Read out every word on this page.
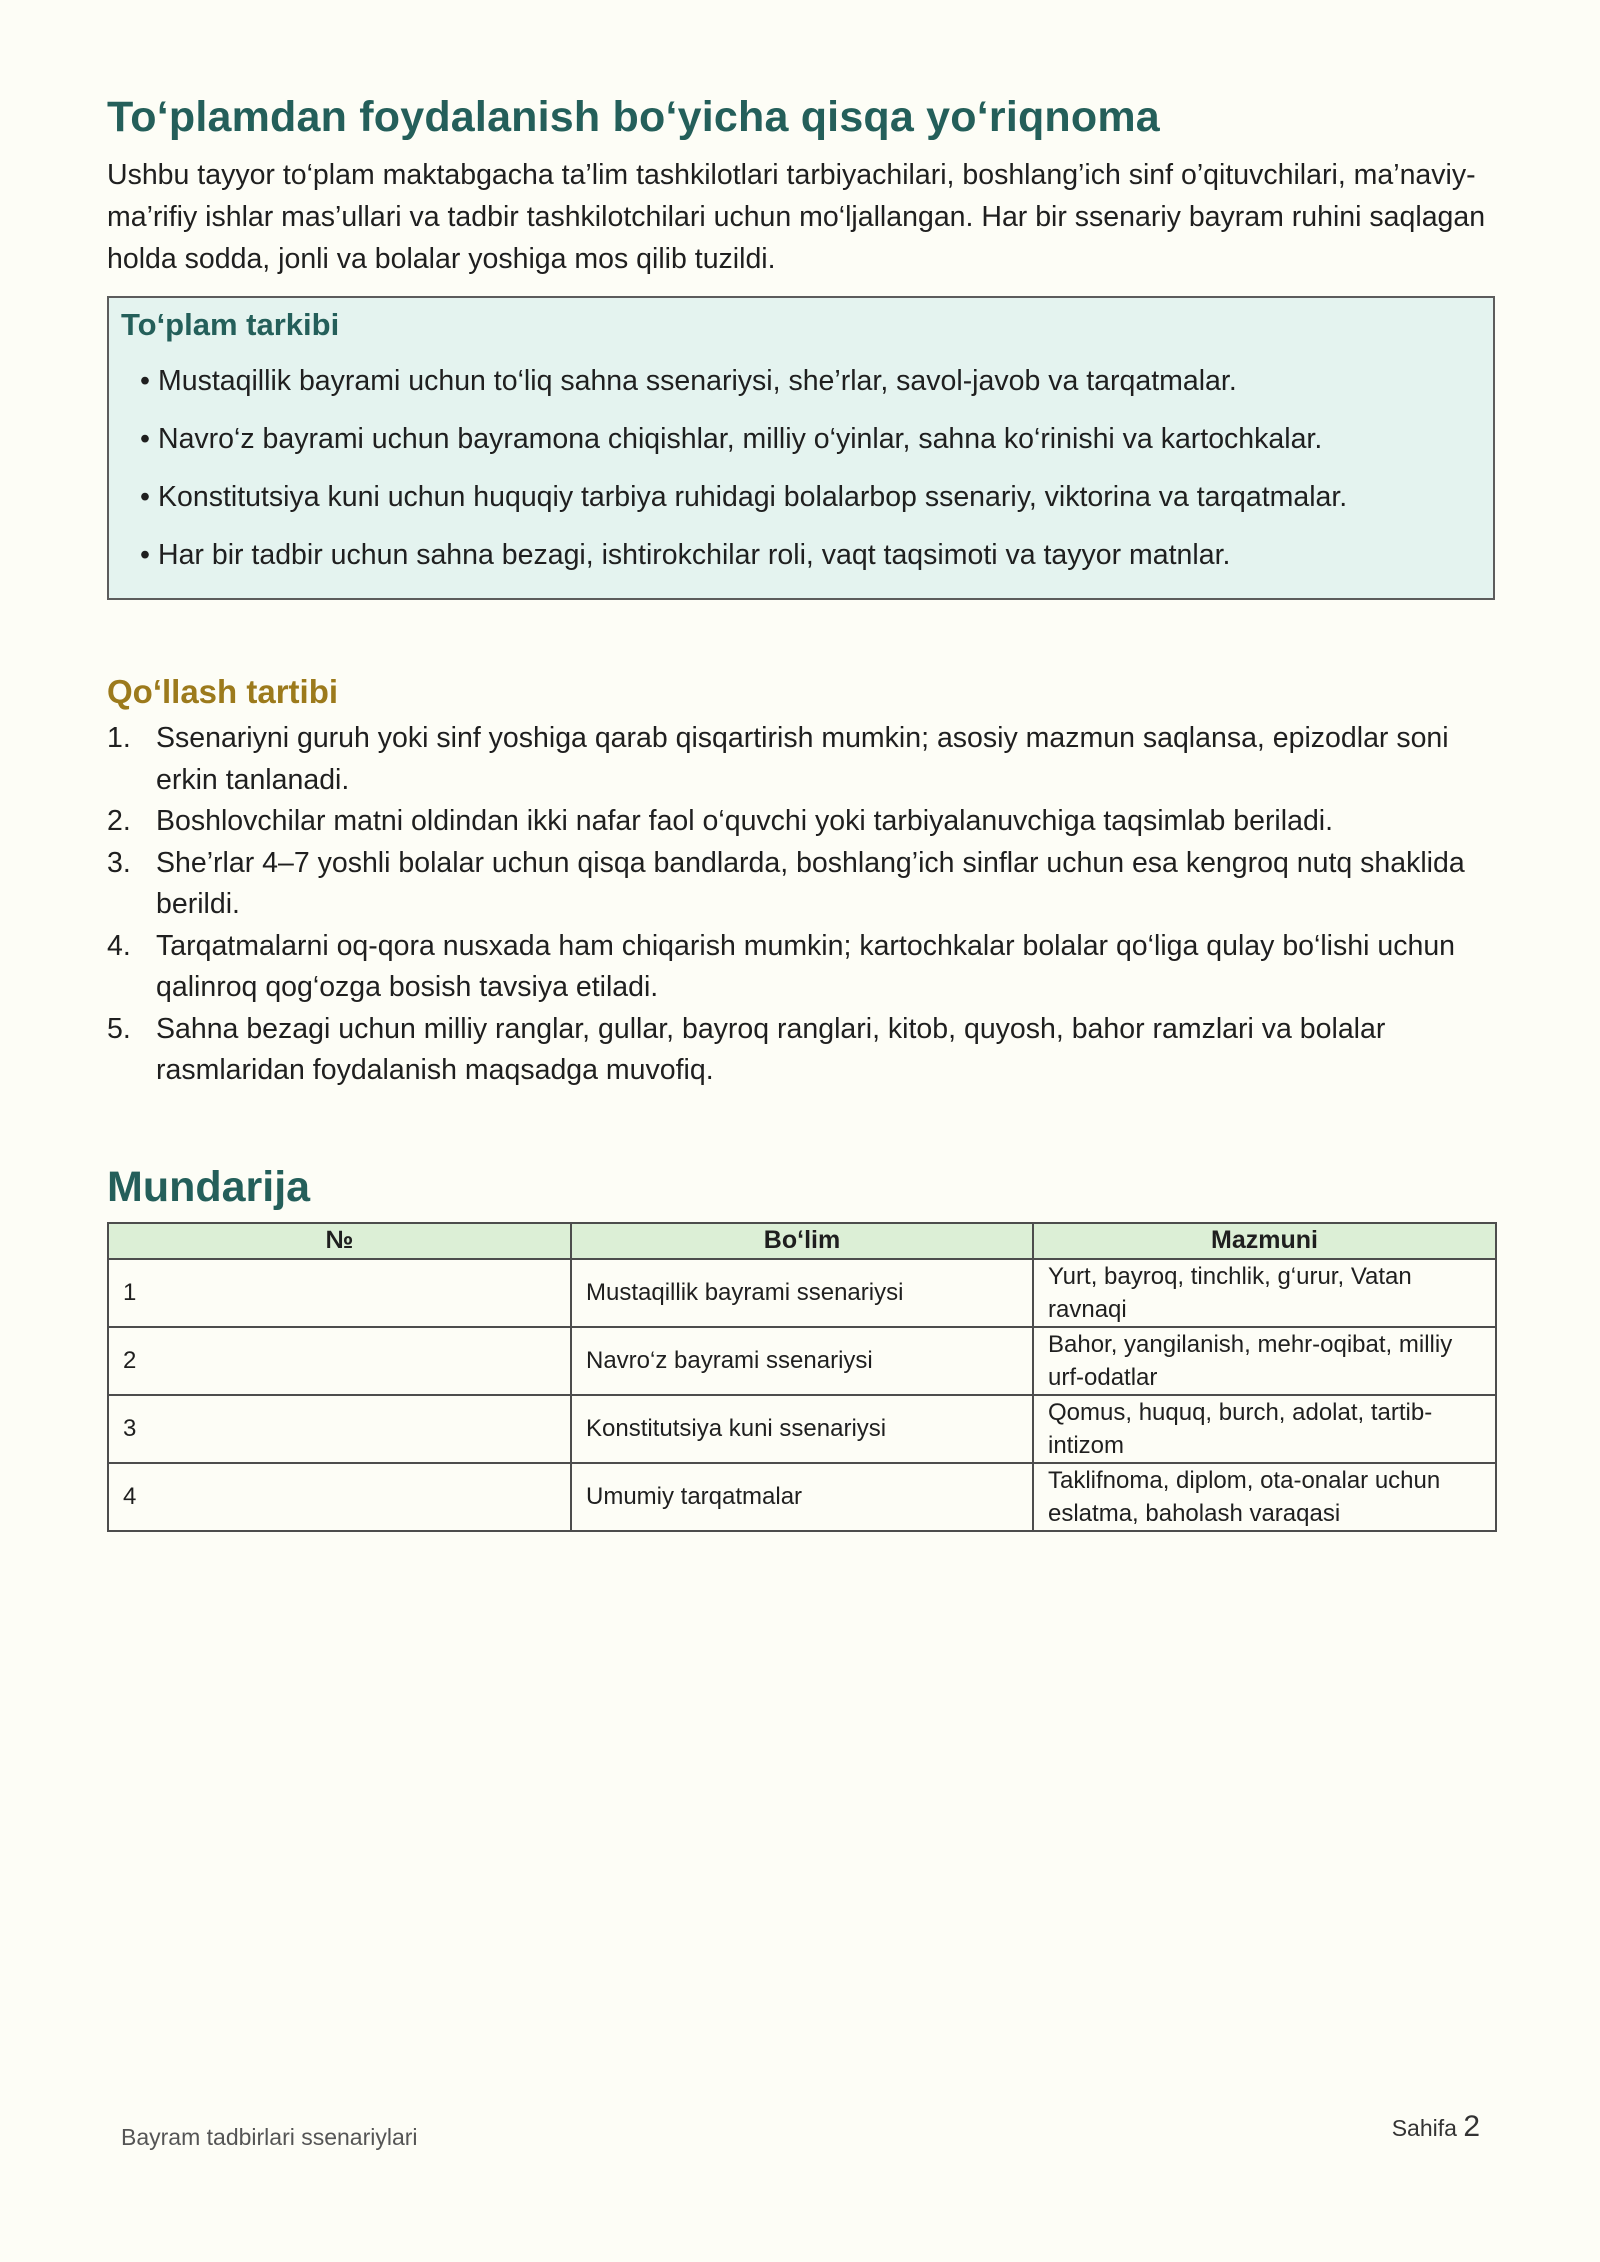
To‘plamdan foydalanish bo‘yicha qisqa yo‘riqnoma

Ushbu tayyor to‘plam maktabgacha ta’lim tashkilotlari tarbiyachilari, boshlang’ich sinf o’qituvchilari, ma’naviy-ma’rifiy ishlar mas’ullari va tadbir tashkilotchilari uchun mo‘ljallangan. Har bir ssenariy bayram ruhini saqlagan holda sodda, jonli va bolalar yoshiga mos qilib tuzildi.

To‘plam tarkibi
• Mustaqillik bayrami uchun to‘liq sahna ssenariysi, she’rlar, savol-javob va tarqatmalar.
• Navro‘z bayrami uchun bayramona chiqishlar, milliy o‘yinlar, sahna ko‘rinishi va kartochkalar.
• Konstitutsiya kuni uchun huquqiy tarbiya ruhidagi bolalarbop ssenariy, viktorina va tarqatmalar.
• Har bir tadbir uchun sahna bezagi, ishtirokchilar roli, vaqt taqsimoti va tayyor matnlar.
Qo‘llash tartibi
1. Ssenariyni guruh yoki sinf yoshiga qarab qisqartirish mumkin; asosiy mazmun saqlansa, epizodlar soni erkin tanlanadi.
2. Boshlovchilar matni oldindan ikki nafar faol o‘quvchi yoki tarbiyalanuvchiga taqsimlab beriladi.
3. She’rlar 4–7 yoshli bolalar uchun qisqa bandlarda, boshlang’ich sinflar uchun esa kengroq nutq shaklida berildi.
4. Tarqatmalarni oq-qora nusxada ham chiqarish mumkin; kartochkalar bolalar qo‘liga qulay bo‘lishi uchun qalinroq qog‘ozga bosish tavsiya etiladi.
5. Sahna bezagi uchun milliy ranglar, gullar, bayroq ranglari, kitob, quyosh, bahor ramzlari va bolalar rasmlaridan foydalanish maqsadga muvofiq.
Mundarija
№	Bo‘lim	Mazmuni
1	Mustaqillik bayrami ssenariysi	Yurt, bayroq, tinchlik, g‘urur, Vatan ravnaqi
2	Navro‘z bayrami ssenariysi	Bahor, yangilanish, mehr-oqibat, milliy urf-odatlar
3	Konstitutsiya kuni ssenariysi	Qomus, huquq, burch, adolat, tartib-intizom
4	Umumiy tarqatmalar	Taklifnoma, diplom, ota-onalar uchun eslatma, baholash varaqasi
Bayram tadbirlari ssenariylari	Sahifa 2
